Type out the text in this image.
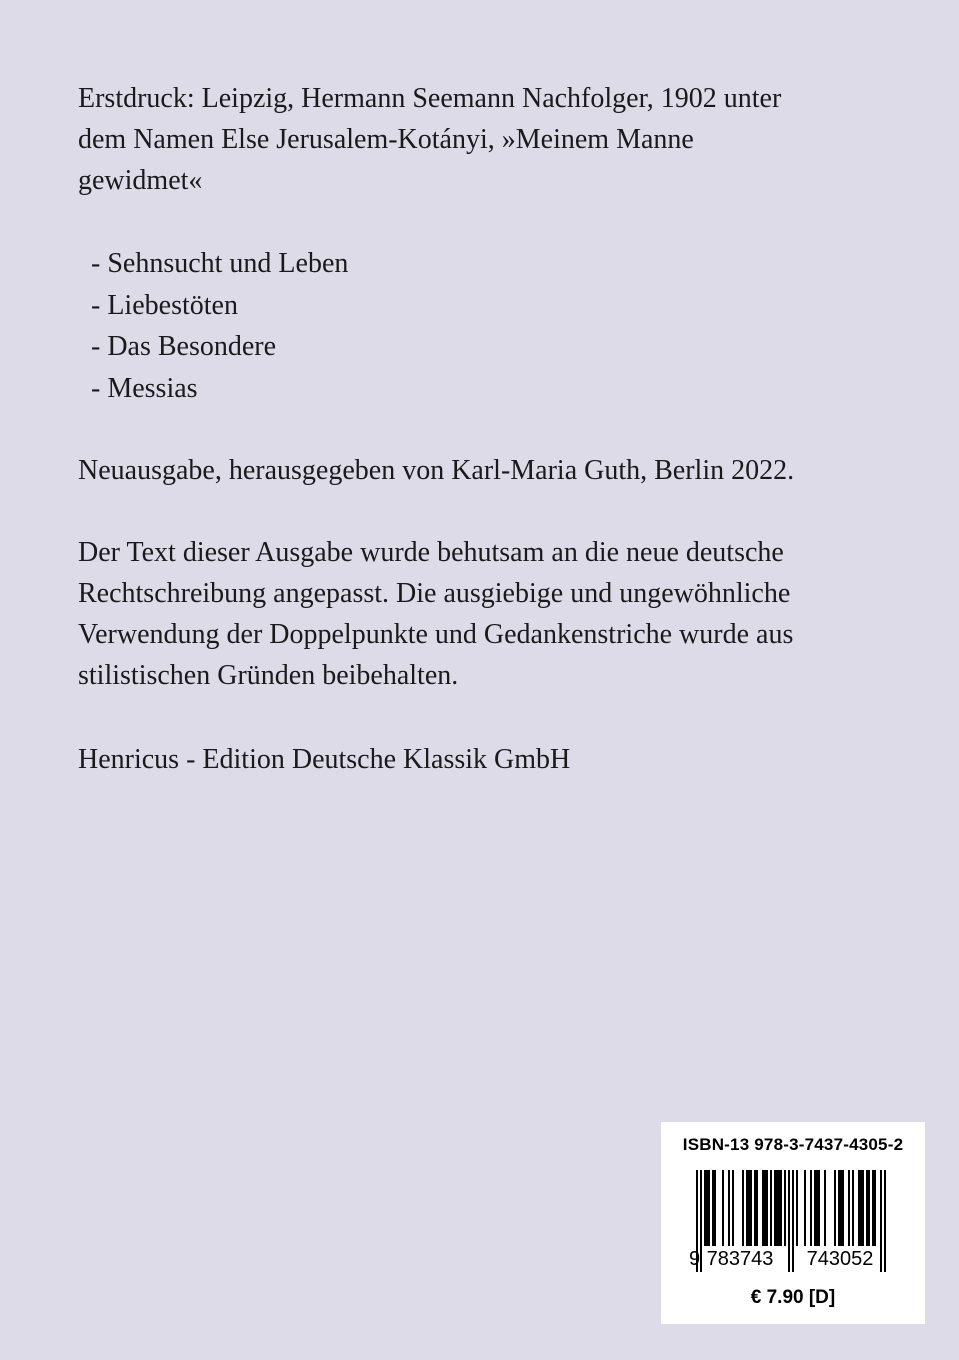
Erstdruck: Leipzig, Hermann Seemann Nachfolger, 1902 unter
dem Namen Else Jerusalem-Kotányi, »Meinem Manne
gewidmet«

- Sehnsucht und Leben
- Liebestöten
- Das Besondere
- Messias

Neuausgabe, herausgegeben von Karl-Maria Guth, Berlin 2022.

Der Text dieser Ausgabe wurde behutsam an die neue deutsche
Rechtschreibung angepasst. Die ausgiebige und ungewöhnliche
Verwendung der Doppelpunkte und Gedankenstriche wurde aus
stilistischen Gründen beibehalten.

Henricus - Edition Deutsche Klassik GmbH

ISBN-13 978-3-7437-4305-2
9 783743 743052
€ 7.90 [D]
